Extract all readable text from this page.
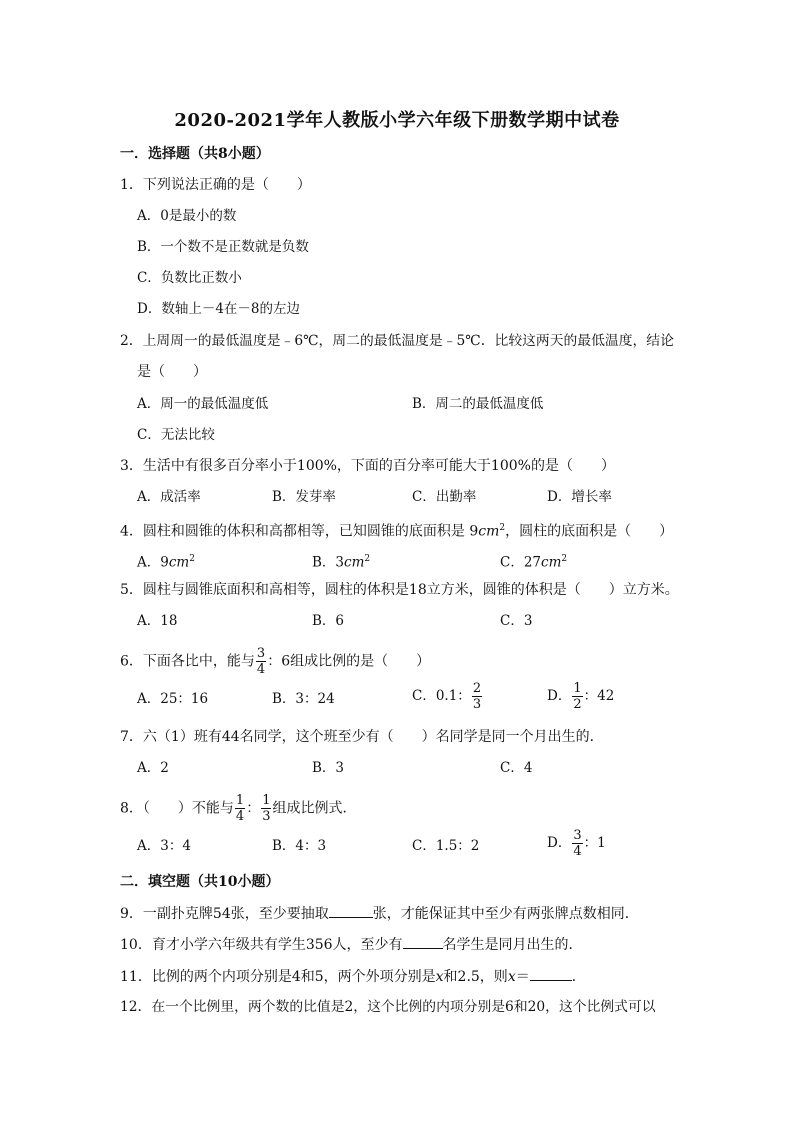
2020-2021学年人教版小学六年级下册数学期中试卷
一．选择题（共8小题）
1．下列说法正确的是（　　）
A．0是最小的数
B．一个数不是正数就是负数
C．负数比正数小
D．数轴上－4在－8的左边
2．上周周一的最低温度是﹣6℃，周二的最低温度是﹣5℃．比较这两天的最低温度，结论
是（　　）
A．周一的最低温度低	B．周二的最低温度低
C．无法比较
3．生活中有很多百分率小于100%，下面的百分率可能大于100%的是（　　）
A．成活率	B．发芽率	C．出勤率	D．增长率
4．圆柱和圆锥的体积和高都相等，已知圆锥的底面积是 $9cm^2$，圆柱的底面积是（　　）
A．$9cm^2$	B．$3cm^2$	C．$27cm^2$
5．圆柱与圆锥底面积和高相等，圆柱的体积是18立方米，圆锥的体积是（　　）立方米。
A．18	B．6	C．3
6．下面各比中，能与 $\frac{3}{4}$ ：6组成比例的是（　　）
A．25：16	B．3：24	C．0.1： $\frac{2}{3}$	D． $\frac{1}{2}$ ：42
7．六（1）班有44名同学，这个班至少有（　　）名同学是同一个月出生的．
A．2	B．3	C．4
8．（　　）不能与 $\frac{1}{4}$ ： $\frac{1}{3}$ 组成比例式．
A．3：4	B．4：3	C．1.5：2	D． $\frac{3}{4}$ ：1
二．填空题（共10小题）
9．一副扑克牌54张，至少要抽取	张，才能保证其中至少有两张牌点数相同．
10．育才小学六年级共有学生356人，至少有	名学生是同月出生的．
11．比例的两个内项分别是4和5，两个外项分别是x和2.5，则x＝	．
12．在一个比例里，两个数的比值是2，这个比例的内项分别是6和20，这个比例式可以
